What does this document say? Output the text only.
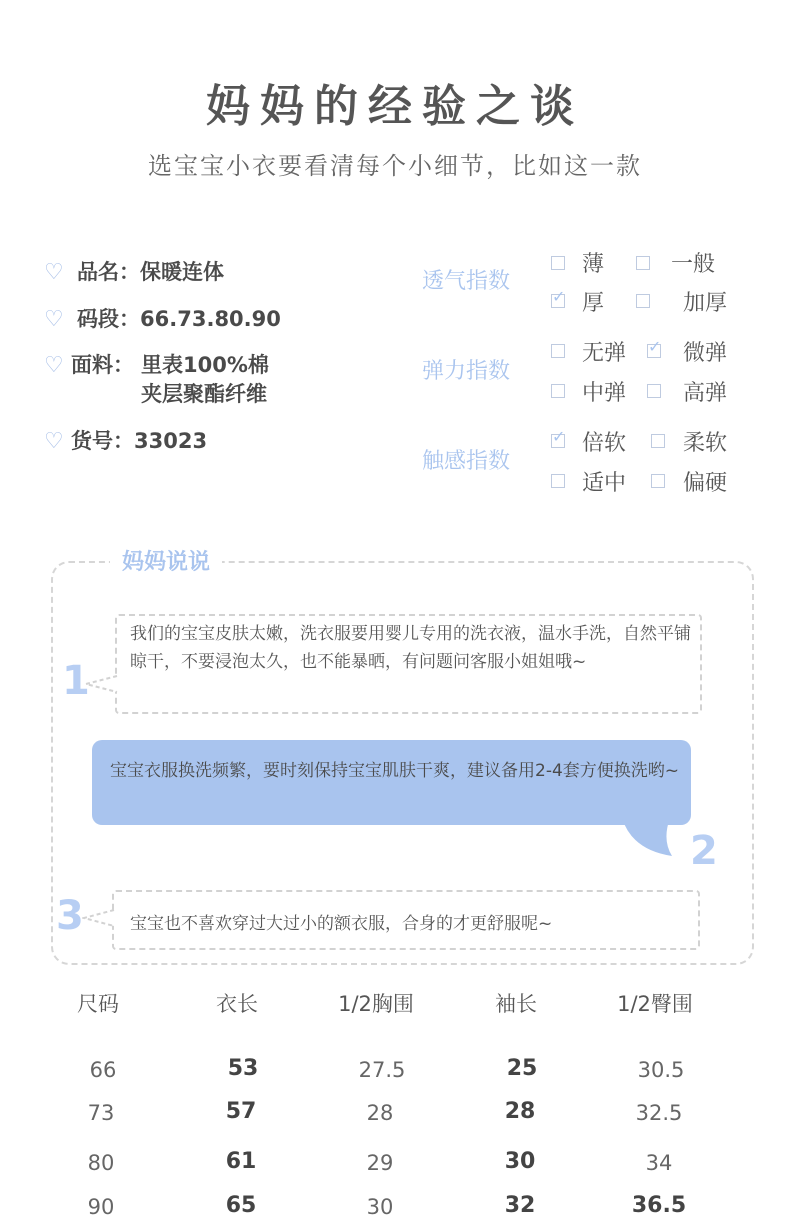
妈妈的经验之谈
选宝宝小衣要看清每个小细节，比如这一款
♡ 品名：保暖连体
♡ 码段：66.73.80.90
♡ 面料： 里表100%棉
夹层聚酯纤维
♡ 货号：33023
透气指数
弹力指数
触感指数
薄	一般
✓
厚	加厚
无弹
✓	微弹
中弹	高弹
✓
倍软	柔软
适中	偏硬
妈妈说说
我们的宝宝皮肤太嫩，洗衣服要用婴儿专用的洗衣液，温水手洗，自然平铺晾干，不要浸泡太久，也不能暴晒，有问题问客服小姐姐哦~
1
宝宝衣服换洗频繁，要时刻保持宝宝肌肤干爽，建议备用2-4套方便换洗哟~
2
宝宝也不喜欢穿过大过小的额衣服，合身的才更舒服呢~
3
尺码	衣长	1/2胸围	袖长	1/2臀围
66	53	27.5	25	30.5
73	57	28	28	32.5
80	61	29	30	34
90	65	30	32	36.5
